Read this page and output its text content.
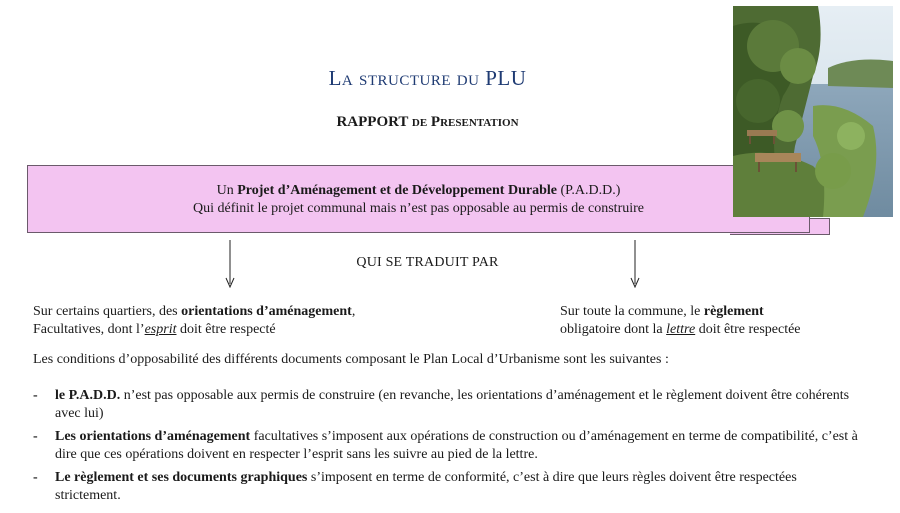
La structure du PLU
RAPPORT de Presentation
Un Projet d’Aménagement et de Développement Durable (P.A.D.D.)
Qui définit le projet communal mais n’est pas opposable au permis de construire
QUI SE TRADUIT PAR
Sur certains quartiers, des orientations d’aménagement,
Facultatives, dont l’esprit doit être respecté
Sur toute la commune, le règlement
obligatoire dont la lettre doit être respectée
Les conditions d’opposabilité des différents documents composant le Plan Local d’Urbanisme sont les suivantes :
-	le P.A.D.D. n’est pas opposable aux permis de construire (en revanche, les orientations d’aménagement et le règlement doivent être cohérents avec lui)
-	Les orientations d’aménagement facultatives s’imposent aux opérations de construction ou d’aménagement en terme de compatibilité, c’est à dire que ces opérations doivent en respecter l’esprit sans les suivre au pied de la lettre.
-	Le règlement et ses documents graphiques s’imposent en terme de conformité, c’est à dire que leurs règles doivent être respectées strictement.
